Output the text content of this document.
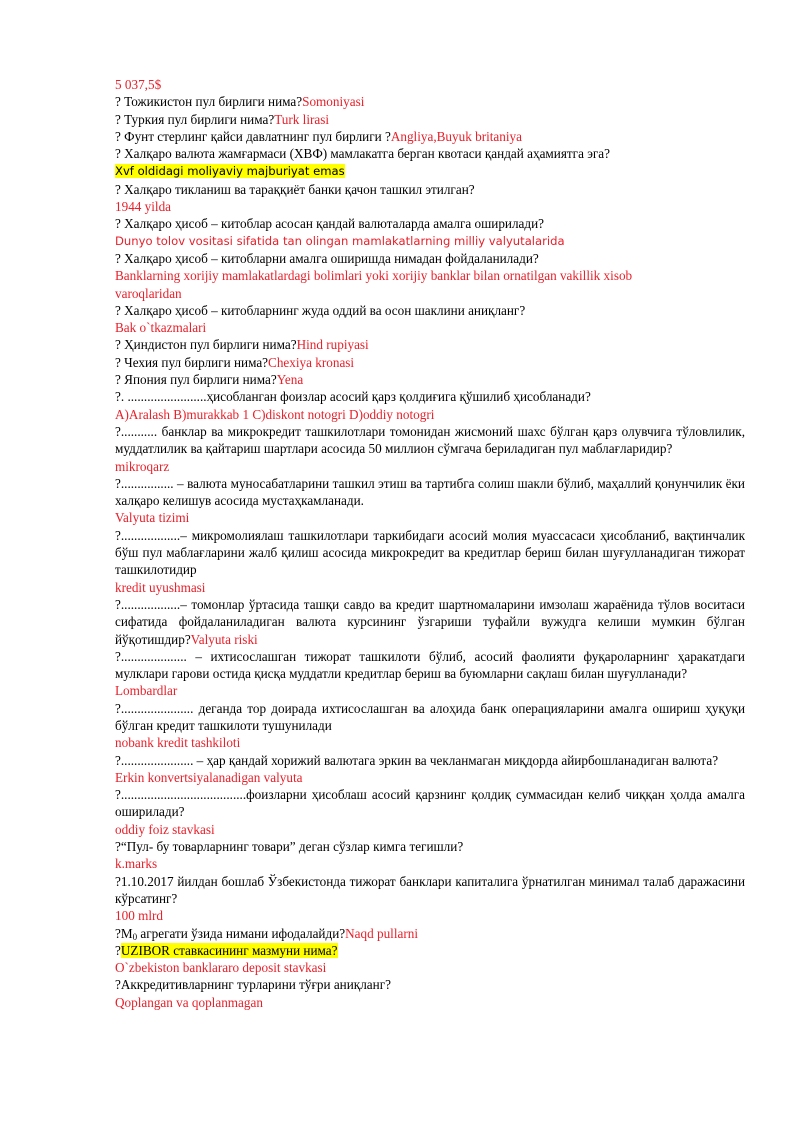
5 037,5$
? Тожикистон пул бирлиги нима?Somoniyasi
? Туркия пул бирлиги нима?Turk lirasi
? Фунт стерлинг қайси давлатнинг пул бирлиги ?Angliya,Buyuk britaniya
? Халқаро валюта жамғармаси (ХВФ) мамлакатга берган квотаси қандай аҳамиятга эга?
Xvf oldidagi moliyaviy majburiyat emas
? Халқаро тикланиш ва тараққиёт банки қачон ташкил этилган?
1944 yilda
? Халқаро ҳисоб – китоблар асосан қандай валюталарда амалга оширилади?
Dunyo tolov vositasi sifatida tan olingan mamlakatlarning milliy valyutalarida
? Халқаро ҳисоб – китобларни амалга оширишда нимадан фойдаланилади?
Banklarning xorijiy mamlakatlardagi bolimlari yoki xorijiy banklar bilan ornatilgan vakillik xisob
varoqlaridan
? Халқаро ҳисоб – китобларнинг жуда оддий ва осон шаклини аниқланг?
Bak o`tkazmalari
? Ҳиндистон пул бирлиги нима?Hind rupiyasi
? Чехия пул бирлиги нима?Chexiya kronasi
? Япония пул бирлиги нима?Yena
?. ........................ҳисобланган фоизлар асосий қарз қолдиғига қўшилиб ҳисобланади?
A)Aralash B)murakkab 1 C)diskont notogri D)oddiy notogri
?........... банклар ва микрокредит ташкилотлари томонидан жисмоний шахс бўлган қарз олувчига тўловлилик, муддатлилик ва қайтариш шартлари асосида 50 миллион сўмгача бериладиган пул маблағларидир?
mikroqarz
?................ – валюта муносабатларини ташкил этиш ва тартибга солиш шакли бўлиб, маҳаллий қонунчилик ёки халқаро келишув асосида мустаҳкамланади.
Valyuta tizimi
?..................– микромолиялаш ташкилотлари таркибидаги асосий молия муассасаси ҳисобланиб, вақтинчалик бўш пул маблағларини жалб қилиш асосида микрокредит ва кредитлар бериш билан шуғулланадиган тижорат ташкилотидир
kredit uyushmasi
?..................– томонлар ўртасида ташқи савдо ва кредит шартномаларини имзолаш жараёнида тўлов воситаси сифатида фойдаланиладиган валюта курсининг ўзгариши туфайли вужудга келиши мумкин бўлган йўқотишдир?Valyuta riski
?.................... – ихтисослашган тижорат ташкилоти бўлиб, асосий фаолияти фуқароларнинг ҳаракатдаги мулклари гарови остида қисқа муддатли кредитлар бериш ва буюмларни сақлаш билан шуғулланади?
Lombardlar
?...................... деганда тор доирада ихтисослашган ва алоҳида банк операцияларини амалга ошириш ҳуқуқи бўлган кредит ташкилоти тушунилади
nobank kredit tashkiloti
?...................... – ҳар қандай хорижий валютага эркин ва чекланмаган миқдорда айирбошланадиган валюта?
Erkin konvertsiyalanadigan valyuta
?......................................фоизларни ҳисоблаш асосий қарзнинг қолдиқ суммасидан келиб чиққан ҳолда амалга оширилади?
oddiy foiz stavkasi
?“Пул- бу товарларнинг товари” деган сўзлар кимга тегишли?
k.marks
?1.10.2017 йилдан бошлаб Ўзбекистонда тижорат банклари капиталига ўрнатилган минимал талаб даражасини кўрсатинг?
100 mlrd
$?M_0$ агрегати ўзида нимани ифодалайди?Naqd pullarni
?UZIBOR ставкасининг мазмуни нима?
O`zbekiston banklararo deposit stavkasi
?Аккредитивларнинг турларини тўғри аниқланг?
Qoplangan va qoplanmagan
